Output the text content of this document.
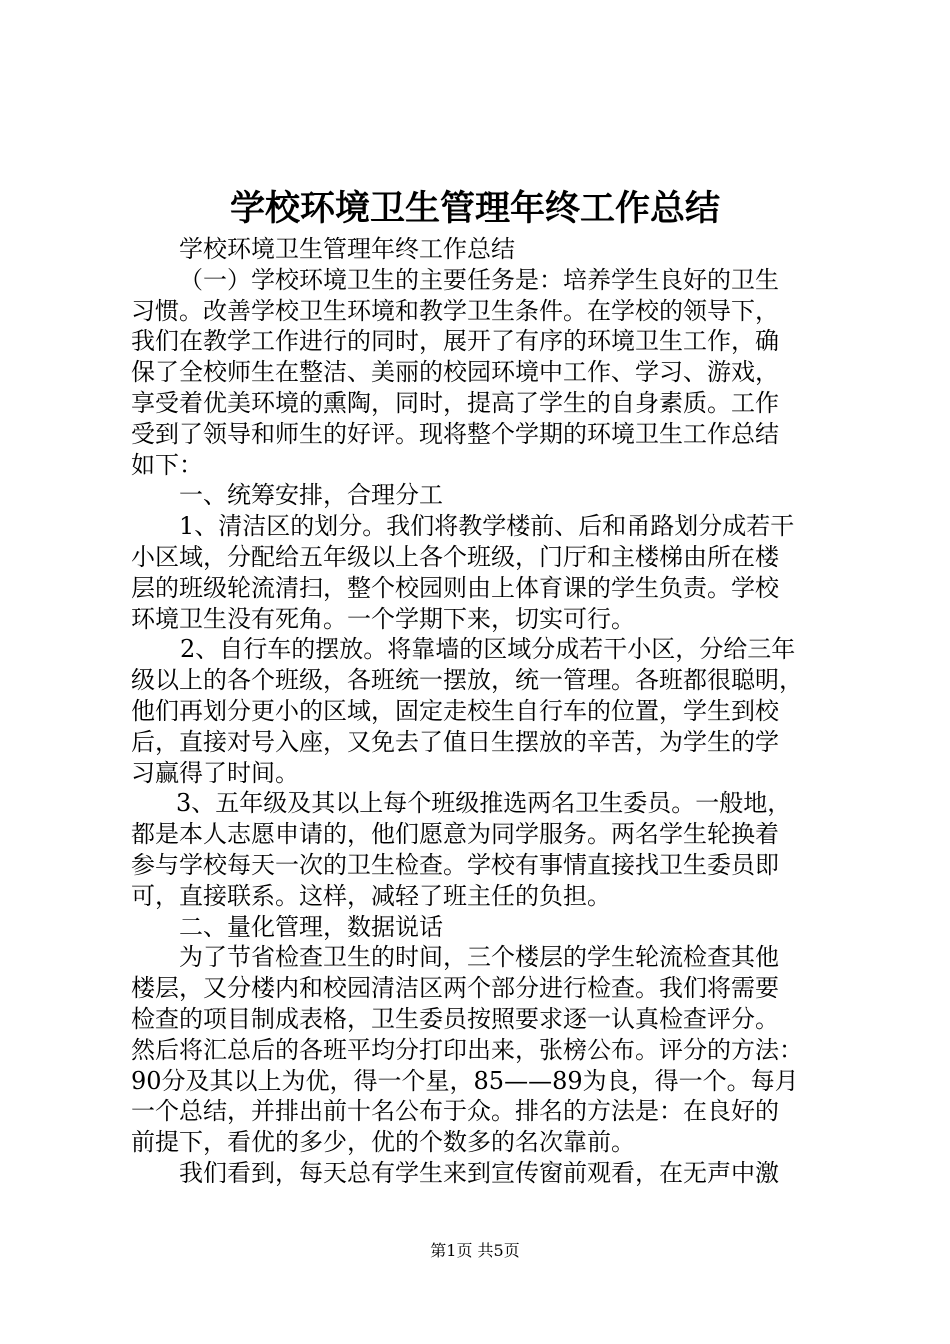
学校环境卫生管理年终工作总结
学校环境卫生管理年终工作总结
（一）学校环境卫生的主要任务是：培养学生良好的卫生
习惯。改善学校卫生环境和教学卫生条件。在学校的领导下，
我们在教学工作进行的同时，展开了有序的环境卫生工作，确
保了全校师生在整洁、美丽的校园环境中工作、学习、游戏，
享受着优美环境的熏陶，同时，提高了学生的自身素质。工作
受到了领导和师生的好评。现将整个学期的环境卫生工作总结
如下：
一、统筹安排，合理分工
1、清洁区的划分。我们将教学楼前、后和甬路划分成若干
小区域，分配给五年级以上各个班级，门厅和主楼梯由所在楼
层的班级轮流清扫，整个校园则由上体育课的学生负责。学校
环境卫生没有死角。一个学期下来，切实可行。
2、自行车的摆放。将靠墙的区域分成若干小区，分给三年
级以上的各个班级，各班统一摆放，统一管理。各班都很聪明，
他们再划分更小的区域，固定走校生自行车的位置，学生到校
后，直接对号入座，又免去了值日生摆放的辛苦，为学生的学
习赢得了时间。
3、五年级及其以上每个班级推选两名卫生委员。一般地，
都是本人志愿申请的，他们愿意为同学服务。两名学生轮换着
参与学校每天一次的卫生检查。学校有事情直接找卫生委员即
可，直接联系。这样，减轻了班主任的负担。
二、量化管理，数据说话
为了节省检查卫生的时间，三个楼层的学生轮流检查其他
楼层，又分楼内和校园清洁区两个部分进行检查。我们将需要
检查的项目制成表格，卫生委员按照要求逐一认真检查评分。
然后将汇总后的各班平均分打印出来，张榜公布。评分的方法：
90分及其以上为优，得一个星，85——89为良，得一个。每月
一个总结，并排出前十名公布于众。排名的方法是：在良好的
前提下，看优的多少，优的个数多的名次靠前。
我们看到，每天总有学生来到宣传窗前观看，在无声中激
第1页 共5页
